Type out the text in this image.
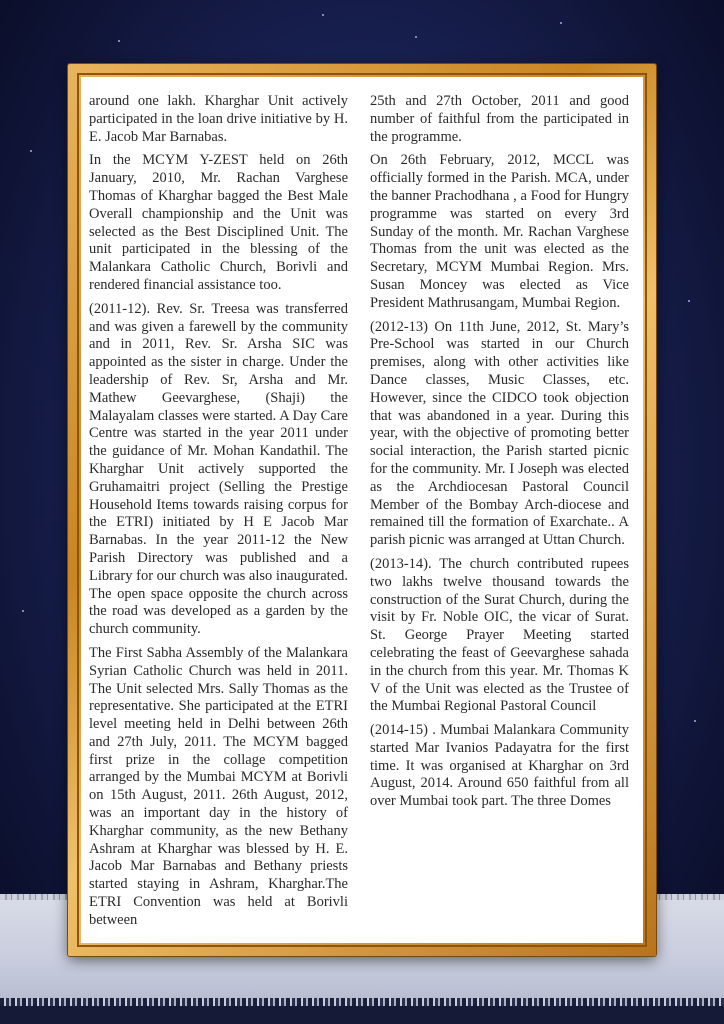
around one lakh. Kharghar Unit actively participated in the loan drive initiative by H. E. Jacob Mar Barnabas.

In the MCYM Y-ZEST held on 26th January, 2010, Mr. Rachan Varghese Thomas of Kharghar bagged the Best Male Overall championship and the Unit was selected as the Best Disciplined Unit. The unit participated in the blessing of the Malankara Catholic Church, Borivli and rendered financial assistance too.

(2011-12). Rev. Sr. Treesa was transferred and was given a farewell by the community and in 2011, Rev. Sr. Arsha SIC was appointed as the sister in charge. Under the leadership of Rev. Sr, Arsha and Mr. Mathew Geevarghese, (Shaji) the Malayalam classes were started. A Day Care Centre was started in the year 2011 under the guidance of Mr. Mohan Kandathil. The Kharghar Unit actively supported the Gruhamaitri project (Selling the Prestige Household Items towards raising corpus for the ETRI) initiated by H E Jacob Mar Barnabas. In the year 2011-12 the New Parish Directory was published and a Library for our church was also inaugurated. The open space opposite the church across the road was developed as a garden by the church community.

The First Sabha Assembly of the Malankara Syrian Catholic Church was held in 2011. The Unit selected Mrs. Sally Thomas as the representative. She participated at the ETRI level meeting held in Delhi between 26th and 27th July, 2011. The MCYM bagged first prize in the collage competition arranged by the Mumbai MCYM at Borivli on 15th August, 2011. 26th August, 2012, was an important day in the history of Kharghar community, as the new Bethany Ashram at Kharghar was blessed by H. E. Jacob Mar Barnabas and Bethany priests started staying in Ashram, Kharghar.The ETRI Convention was held at Borivli between

25th and 27th October, 2011 and good number of faithful from the participated in the programme.

On 26th February, 2012, MCCL was officially formed in the Parish. MCA, under the banner Prachodhana , a Food for Hungry programme was started on every 3rd Sunday of the month. Mr. Rachan Varghese Thomas from the unit was elected as the Secretary, MCYM Mumbai Region. Mrs. Susan Moncey was elected as Vice President Mathrusangam, Mumbai Region.

(2012-13) On 11th June, 2012, St. Mary’s Pre-School was started in our Church premises, along with other activities like Dance classes, Music Classes, etc. However, since the CIDCO took objection that was abandoned in a year. During this year, with the objective of promoting better social interaction, the Parish started picnic for the community. Mr. I Joseph was elected as the Archdiocesan Pastoral Council Member of the Bombay Arch-diocese and remained till the formation of Exarchate.. A parish picnic was arranged at Uttan Church.

(2013-14). The church contributed rupees two lakhs twelve thousand towards the construction of the Surat Church, during the visit by Fr. Noble OIC, the vicar of Surat. St. George Prayer Meeting started celebrating the feast of Geevarghese sahada in the church from this year. Mr. Thomas K V of the Unit was elected as the Trustee of the Mumbai Regional Pastoral Council

(2014-15) . Mumbai Malankara Community started Mar Ivanios Padayatra for the first time. It was organised at Kharghar on 3rd August, 2014. Around 650 faithful from all over Mumbai took part. The three Domes
